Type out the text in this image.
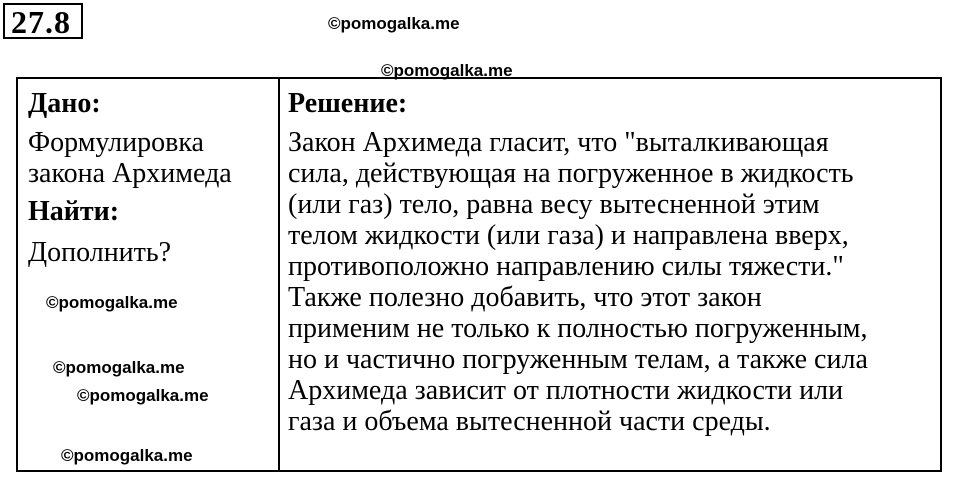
27.8	©pomogalka.me
©pomogalka.me
Дано:
Формулировка
закона Архимеда
Найти:
Дополнить?
Решение:
Закон Архимеда гласит, что "выталкивающая
сила, действующая на погруженное в жидкость
(или газ) тело, равна весу вытесненной этим
телом жидкости (или газа) и направлена вверх,
противоположно направлению силы тяжести."
Также полезно добавить, что этот закон
применим не только к полностью погруженным,
но и частично погруженным телам, а также сила
Архимеда зависит от плотности жидкости или
газа и объема вытесненной части среды.
©pomogalka.me
©pomogalka.me
©pomogalka.me
©pomogalka.me
